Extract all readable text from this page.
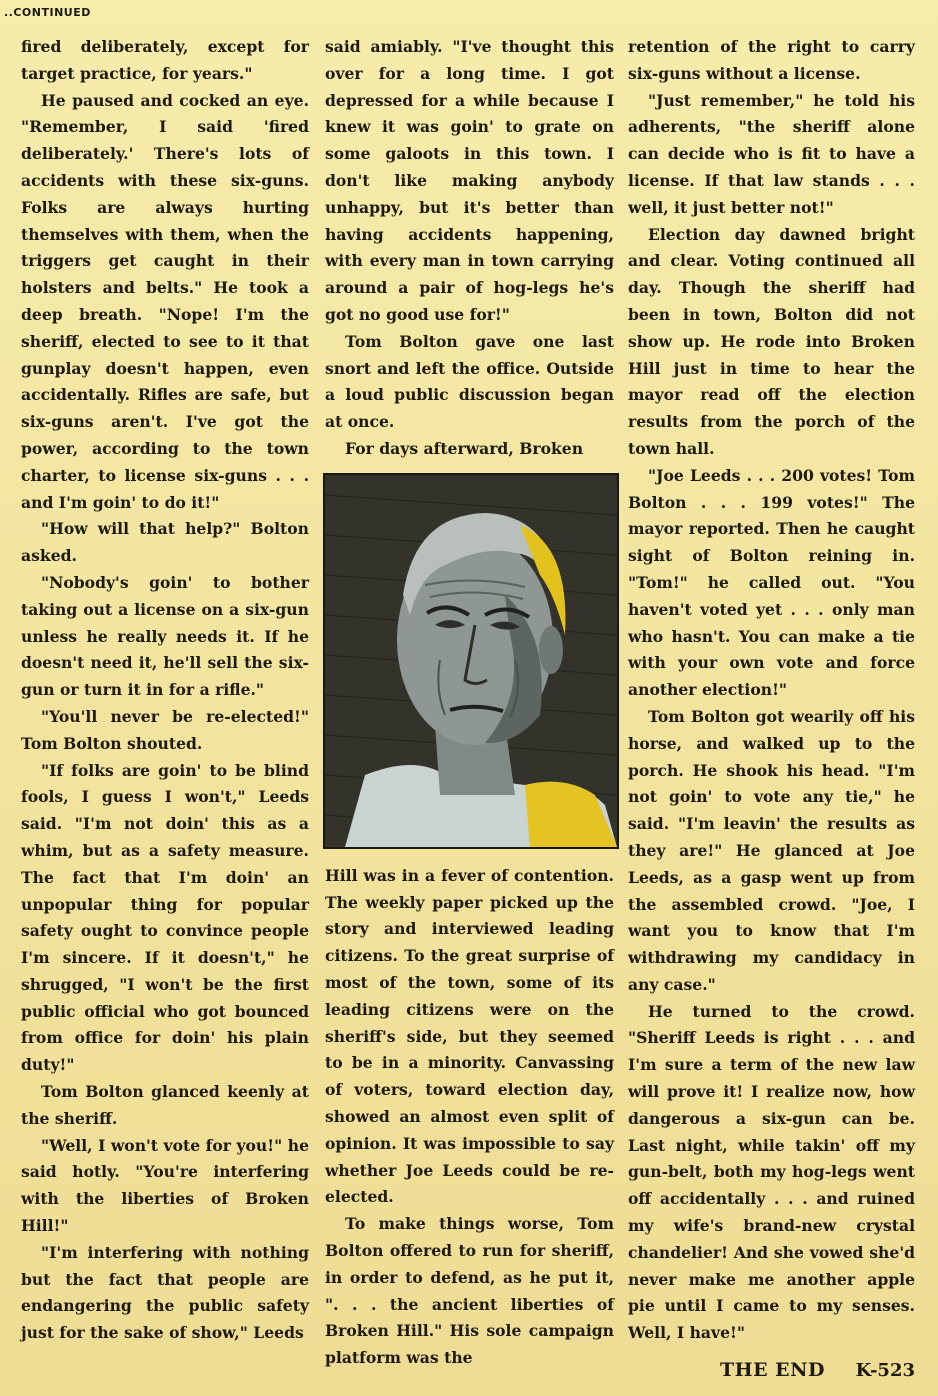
..CONTINUED

fired deliberately, except for target practice, for years."

He paused and cocked an eye. "Remember, I said 'fired deliberately.' There's lots of accidents with these six-guns. Folks are always hurting themselves with them, when the triggers get caught in their holsters and belts." He took a deep breath. "Nope! I'm the sheriff, elected to see to it that gunplay doesn't happen, even accidentally. Rifles are safe, but six-guns aren't. I've got the power, according to the town charter, to license six-guns . . . and I'm goin' to do it!"

"How will that help?" Bolton asked.

"Nobody's goin' to bother taking out a license on a six-gun unless he really needs it. If he doesn't need it, he'll sell the six-gun or turn it in for a rifle."

"You'll never be re-elected!" Tom Bolton shouted.

"If folks are goin' to be blind fools, I guess I won't," Leeds said. "I'm not doin' this as a whim, but as a safety measure. The fact that I'm doin' an unpopular thing for popular safety ought to convince people I'm sincere. If it doesn't," he shrugged, "I won't be the first public official who got bounced from office for doin' his plain duty!"

Tom Bolton glanced keenly at the sheriff.

"Well, I won't vote for you!" he said hotly. "You're interfering with the liberties of Broken Hill!"

"I'm interfering with nothing but the fact that people are endangering the public safety just for the sake of show," Leeds

said amiably. "I've thought this over for a long time. I got depressed for a while because I knew it was goin' to grate on some galoots in this town. I don't like making anybody unhappy, but it's better than having accidents happening, with every man in town carrying around a pair of hog-legs he's got no good use for!"

Tom Bolton gave one last snort and left the office. Outside a loud public discussion began at once.

For days afterward, Broken

Hill was in a fever of contention. The weekly paper picked up the story and interviewed leading citizens. To the great surprise of most of the town, some of its leading citizens were on the sheriff's side, but they seemed to be in a minority. Canvassing of voters, toward election day, showed an almost even split of opinion. It was impossible to say whether Joe Leeds could be re-elected.

To make things worse, Tom Bolton offered to run for sheriff, in order to defend, as he put it, ". . . the ancient liberties of Broken Hill." His sole campaign platform was the

retention of the right to carry six-guns without a license.

"Just remember," he told his adherents, "the sheriff alone can decide who is fit to have a license. If that law stands . . . well, it just better not!"

Election day dawned bright and clear. Voting continued all day. Though the sheriff had been in town, Bolton did not show up. He rode into Broken Hill just in time to hear the mayor read off the election results from the porch of the town hall.

"Joe Leeds . . . 200 votes! Tom Bolton . . . 199 votes!" The mayor reported. Then he caught sight of Bolton reining in. "Tom!" he called out. "You haven't voted yet . . . only man who hasn't. You can make a tie with your own vote and force another election!"

Tom Bolton got wearily off his horse, and walked up to the porch. He shook his head. "I'm not goin' to vote any tie," he said. "I'm leavin' the results as they are!" He glanced at Joe Leeds, as a gasp went up from the assembled crowd. "Joe, I want you to know that I'm withdrawing my candidacy in any case."

He turned to the crowd. "Sheriff Leeds is right . . . and I'm sure a term of the new law will prove it! I realize now, how dangerous a six-gun can be. Last night, while takin' off my gun-belt, both my hog-legs went off accidentally . . . and ruined my wife's brand-new crystal chandelier! And she vowed she'd never make me another apple pie until I came to my senses. Well, I have!"

THE END K-523
